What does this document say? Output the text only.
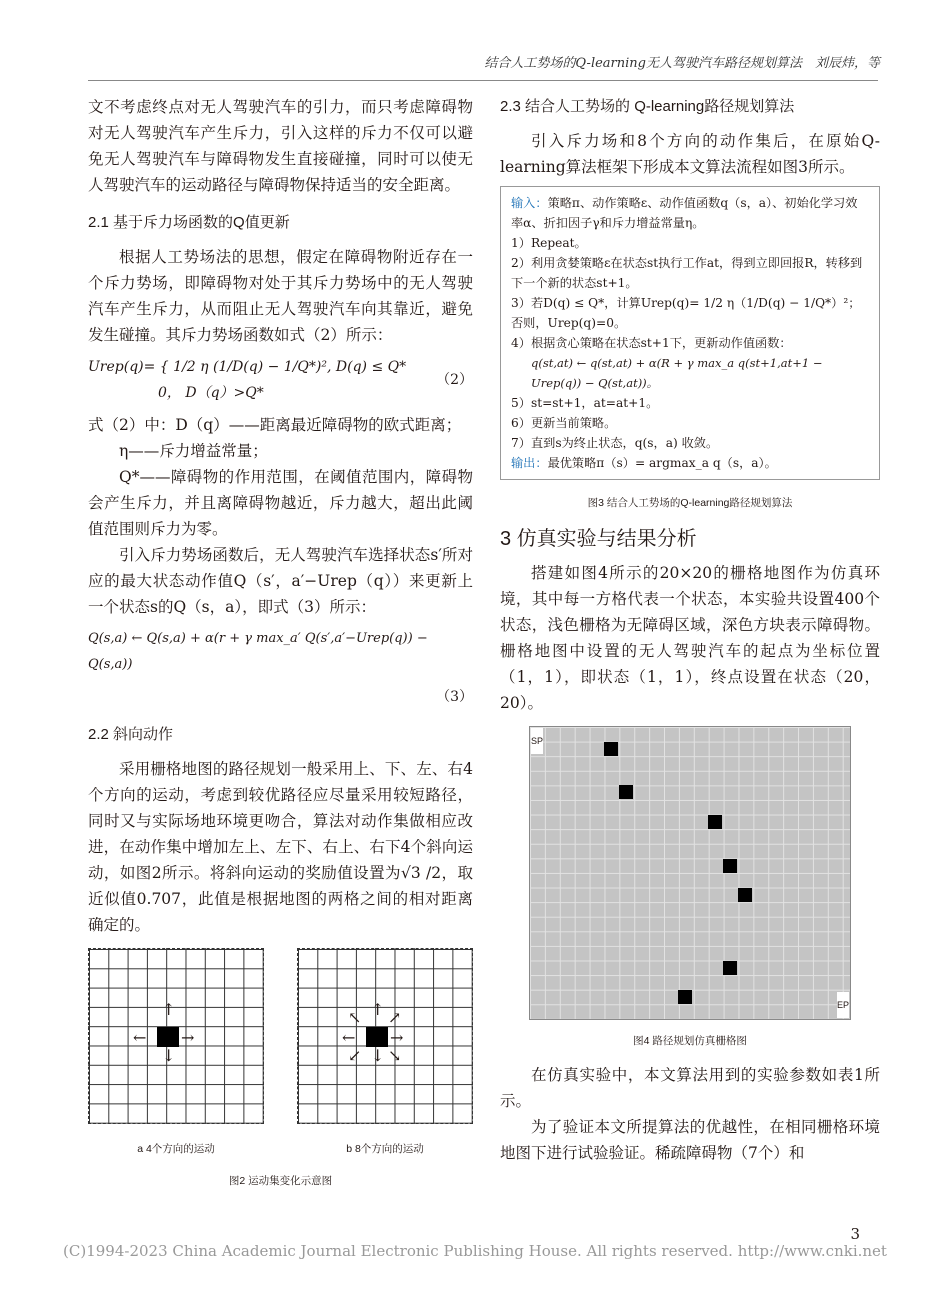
结合人工势场的Q-learning无人驾驶汽车路径规划算法　刘辰炜，等

文不考虑终点对无人驾驶汽车的引力，而只考虑障碍物对无人驾驶汽车产生斥力，引入这样的斥力不仅可以避免无人驾驶汽车与障碍物发生直接碰撞，同时可以使无人驾驶汽车的运动路径与障碍物保持适当的安全距离。

2.1 基于斥力场函数的Q值更新

根据人工势场法的思想，假定在障碍物附近存在一个斥力势场，即障碍物对处于其斥力势场中的无人驾驶汽车产生斥力，从而阻止无人驾驶汽车向其靠近，避免发生碰撞。其斥力势场函数如式（2）所示：

Urep(q)= { 1/2 η (1/D(q) − 1/Q*)², D(q) ≤ Q*
0， D（q）>Q*
（2）

式（2）中：D（q）——距离最近障碍物的欧式距离；

η——斥力增益常量；

Q*——障碍物的作用范围，在阈值范围内，障碍物会产生斥力，并且离障碍物越近，斥力越大，超出此阈值范围则斥力为零。

引入斥力势场函数后，无人驾驶汽车选择状态s′所对应的最大状态动作值Q（s′，a′−Urep（q））来更新上一个状态s的Q（s，a），即式（3）所示：

Q(s,a) ← Q(s,a) + α(r + γ max_a′ Q(s′,a′−Urep(q)) − Q(s,a))
（3）
2.2 斜向动作

采用栅格地图的路径规划一般采用上、下、左、右4个方向的运动，考虑到较优路径应尽量采用较短路径，同时又与实际场地环境更吻合，算法对动作集做相应改进，在动作集中增加左上、左下、右上、右下4个斜向运动，如图2所示。将斜向运动的奖励值设置为√3 /2，取近似值0.707，此值是根据地图的两格之间的相对距离确定的。

↑
↓
← →
a 4个方向的运动
↑
↓
← →
↖ ↗
↙ ↘
b 8个方向的运动
图2 运动集变化示意图
2.3 结合人工势场的 Q-learning路径规划算法

引入斥力场和8个方向的动作集后，在原始Q-learning算法框架下形成本文算法流程如图3所示。

输入：策略π、动作策略ε、动作值函数q（s，a）、初始化学习效率α、折扣因子γ和斥力增益常量η。
1）Repeat。
2）利用贪婪策略ε在状态st执行工作at，得到立即回报R，转移到下一个新的状态st+1。
3）若D(q) ≤ Q*，计算Urep(q)= 1/2 η（1/D(q) − 1/Q*）²；否则，Urep(q)=0。
4）根据贪心策略在状态st+1下，更新动作值函数：
q(st,at) ← q(st,at) + α(R + γ max_a q(st+1,at+1 − Urep(q)) − Q(st,at))。
5）st=st+1，at=at+1。
6）更新当前策略。
7）直到s为终止状态，q(s，a) 收敛。
输出：最优策略π（s）= argmax_a q（s，a）。
图3 结合人工势场的Q-learning路径规划算法
3 仿真实验与结果分析

搭建如图4所示的20×20的栅格地图作为仿真环境，其中每一方格代表一个状态，本实验共设置400个状态，浅色栅格为无障碍区域，深色方块表示障碍物。栅格地图中设置的无人驾驶汽车的起点为坐标位置（1，1），即状态（1，1），终点设置在状态（20，20）。

SP
EP
图4 路径规划仿真栅格图

在仿真实验中，本文算法用到的实验参数如表1所示。

为了验证本文所提算法的优越性，在相同栅格环境地图下进行试验验证。稀疏障碍物（7个）和

3
(C)1994-2023 China Academic Journal Electronic Publishing House. All rights reserved. http://www.cnki.net
